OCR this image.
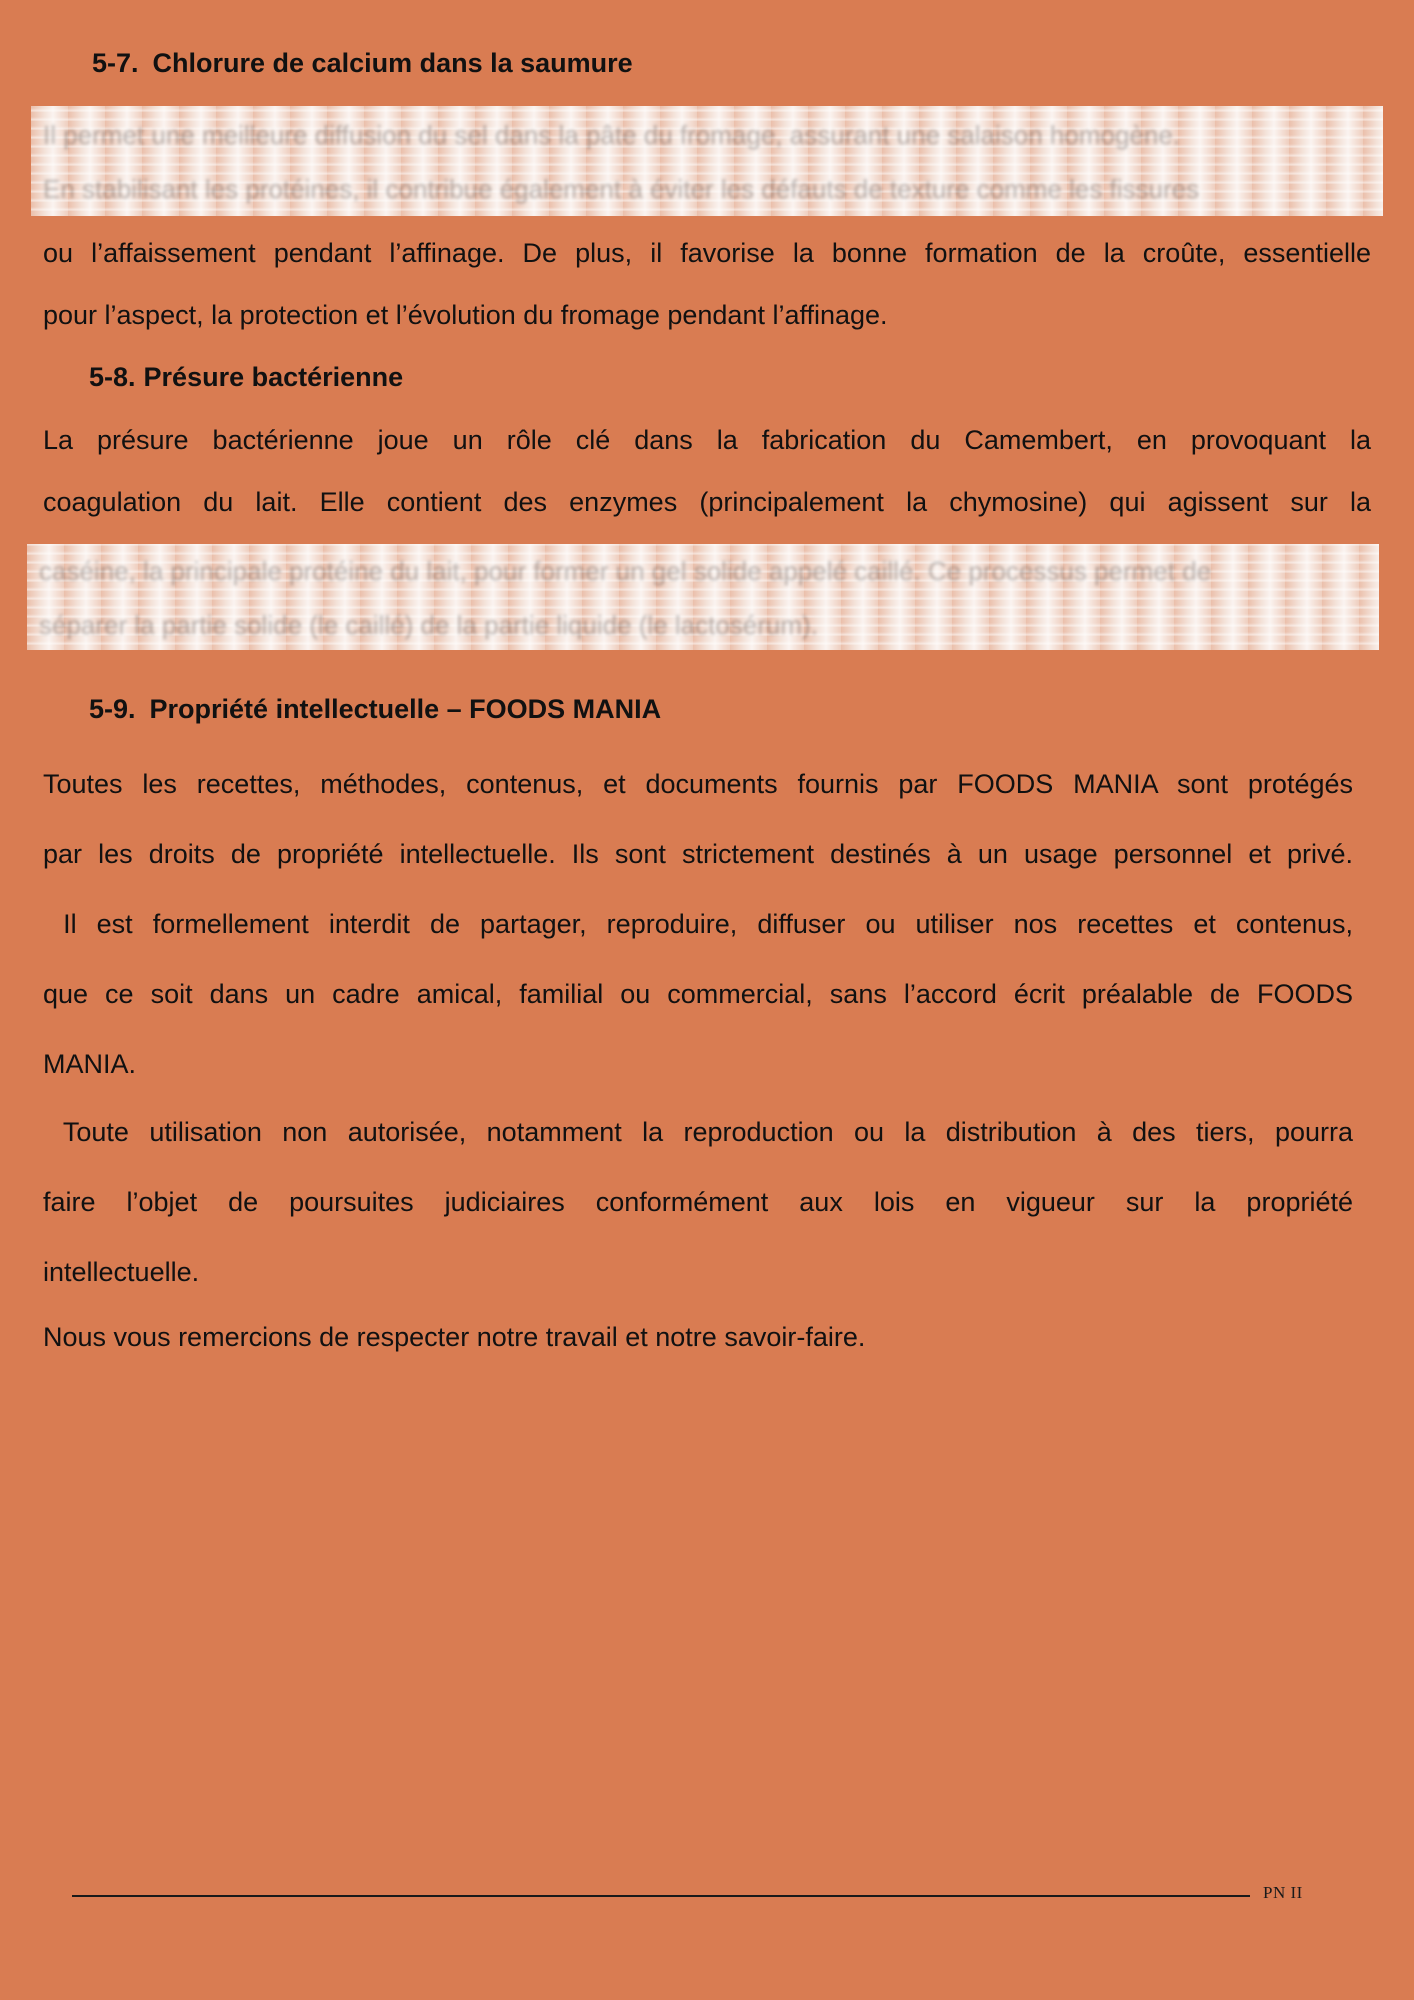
5-7. Chlorure de calcium dans la saumure
Il permet une meilleure diffusion du sel dans la pâte du fromage, assurant une salaison homogène.
En stabilisant les protéines, il contribue également à éviter les défauts de texture comme les fissures
ou l’affaissement pendant l’affinage. De plus, il favorise la bonne formation de la croûte, essentielle
pour l’aspect, la protection et l’évolution du fromage pendant l’affinage.
5-8. Présure bactérienne
La présure bactérienne joue un rôle clé dans la fabrication du Camembert, en provoquant la
coagulation du lait. Elle contient des enzymes (principalement la chymosine) qui agissent sur la
caséine, la principale protéine du lait, pour former un gel solide appelé caillé. Ce processus permet de
séparer la partie solide (le caillé) de la partie liquide (le lactosérum).
5-9. Propriété intellectuelle – FOODS MANIA
Toutes les recettes, méthodes, contenus, et documents fournis par FOODS MANIA sont protégés
par les droits de propriété intellectuelle. Ils sont strictement destinés à un usage personnel et privé.
Il est formellement interdit de partager, reproduire, diffuser ou utiliser nos recettes et contenus,
que ce soit dans un cadre amical, familial ou commercial, sans l’accord écrit préalable de FOODS
MANIA.
Toute utilisation non autorisée, notamment la reproduction ou la distribution à des tiers, pourra
faire l’objet de poursuites judiciaires conformément aux lois en vigueur sur la propriété
intellectuelle.
Nous vous remercions de respecter notre travail et notre savoir-faire.
PN II
